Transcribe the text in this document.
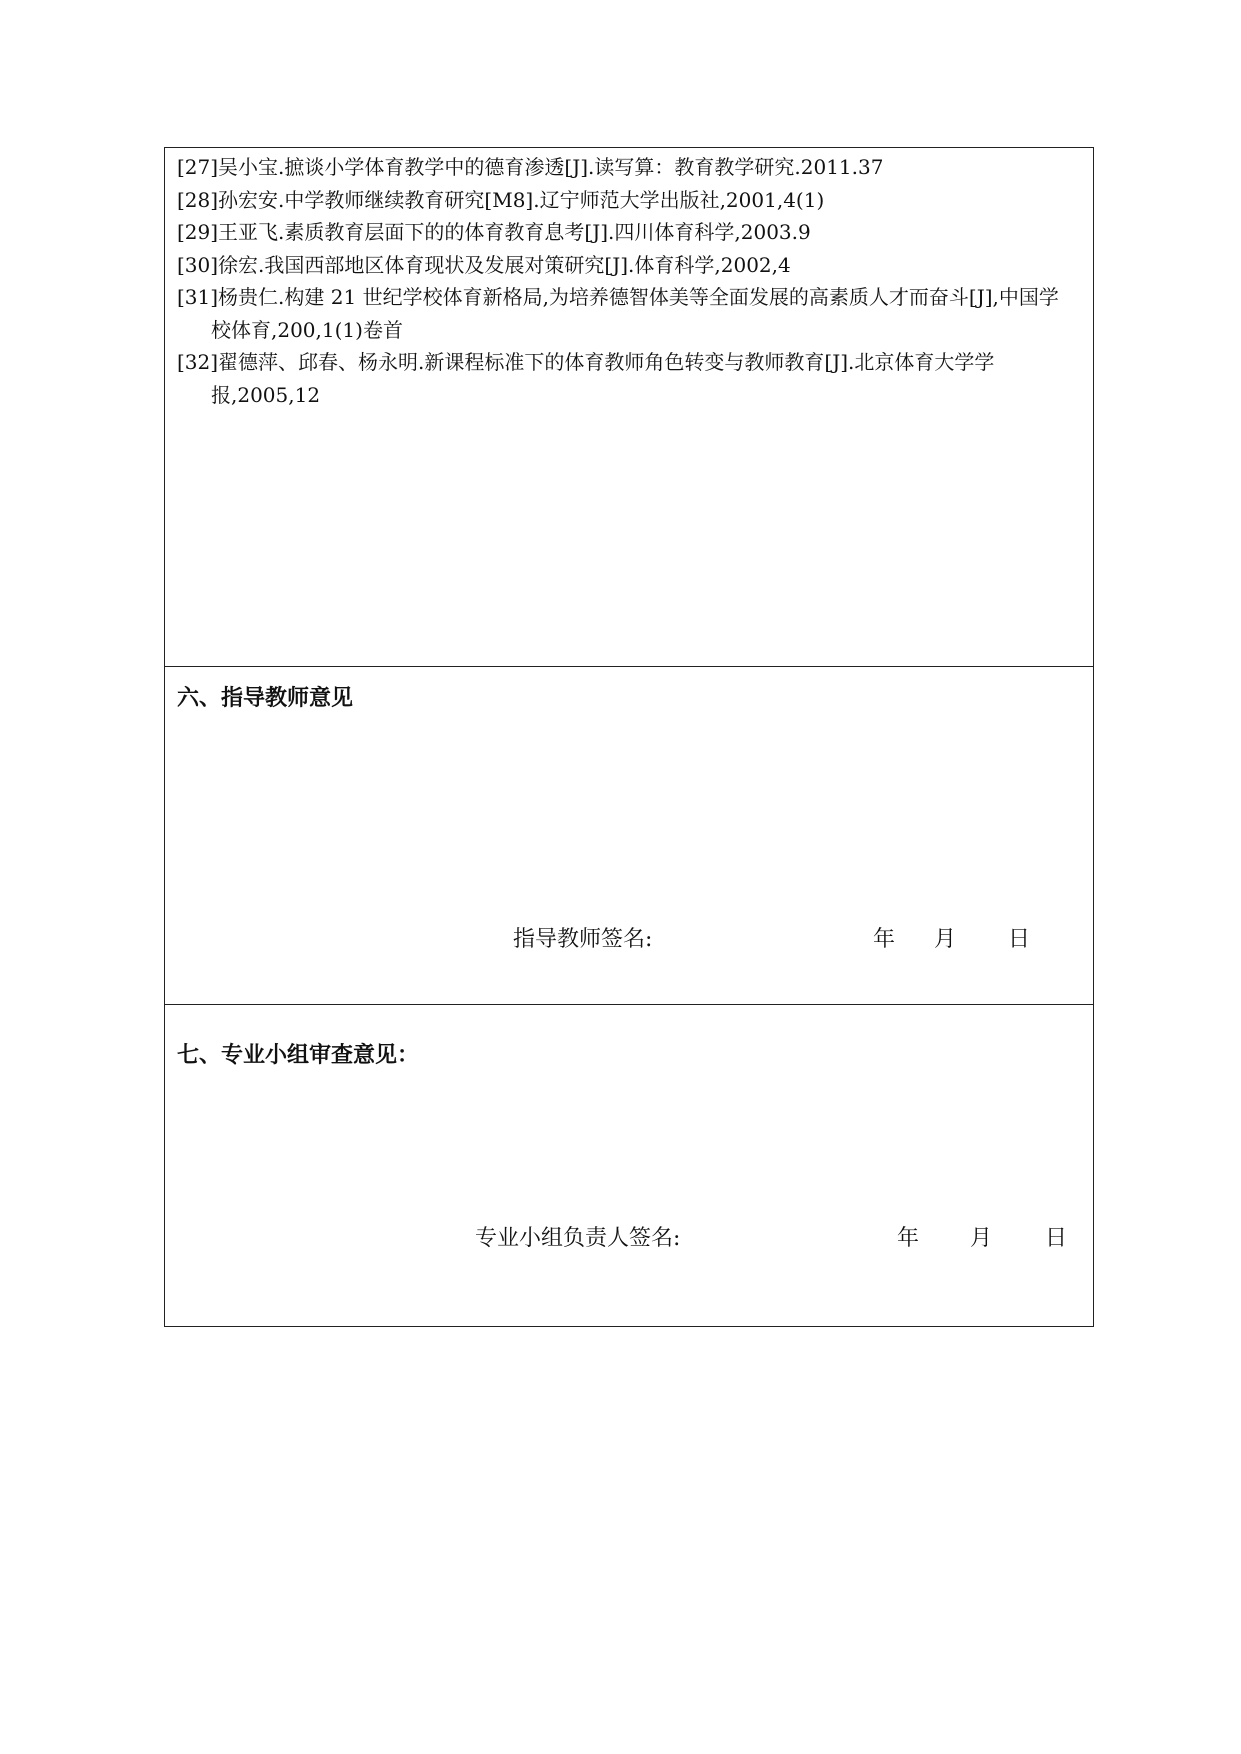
[27]吴小宝.摭谈小学体育教学中的德育渗透[J].读写算：教育教学研究.2011.37
[28]孙宏安.中学教师继续教育研究[M8].辽宁师范大学出版社,2001,4(1)
[29]王亚飞.素质教育层面下的的体育教育息考[J].四川体育科学,2003.9
[30]徐宏.我国西部地区体育现状及发展对策研究[J].体育科学,2002,4
[31]杨贵仁.构建 21 世纪学校体育新格局,为培养德智体美等全面发展的高素质人才而奋斗[J],中国学校体育,200,1(1)卷首
[32]翟德萍、邱春、杨永明.新课程标准下的体育教师角色转变与教师教育[J].北京体育大学学报,2005,12
六、指导教师意见
指导教师签名:	年 月 日
七、专业小组审查意见：
专业小组负责人签名:	年 月 日
